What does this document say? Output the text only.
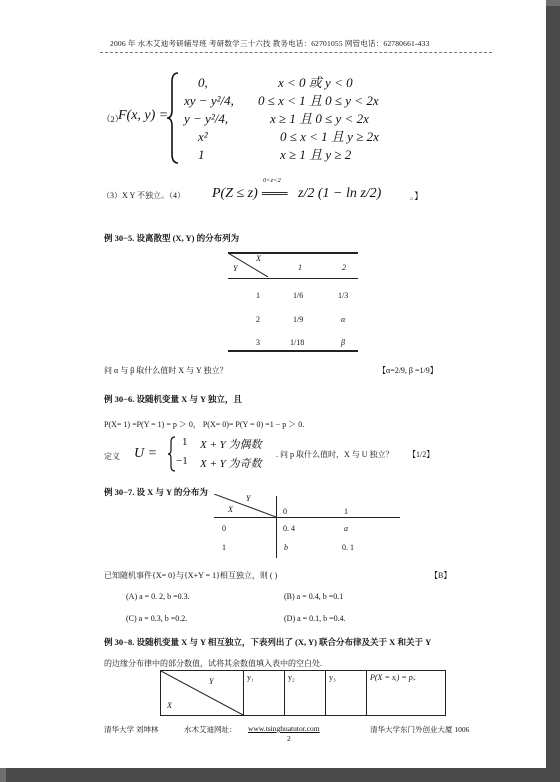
2006 年 水木艾迪考研辅导班 考研数学三十六技 教务电话：62701055 网管电话：62780661-433
（2）
F(x, y) =
0,
xy − y²/4,
y − y²/4,
x²
1
x < 0 或 y < 0
0 ≤ x < 1 且 0 ≤ y < 2x
x ≥ 1 且 0 ≤ y < 2x
0 ≤ x < 1 且 y ≥ 2x
x ≥ 1 且 y ≥ 2
（3）X Y 不独立。（4） P(Z ≤ z)
0<z<2
═══ z/2 (1 − ln z/2)	。】
例 30−5. 设离散型 (X, Y) 的分布列为
X
Y	1	2
1	1/6	1/3
2	1/9	α
3	1/18	β
问 α 与 β 取什么值时 X 与 Y 独立？	【α=2/9, β =1/9】
例 30−6. 设随机变量 X 与 Y 独立，且
P(X= 1) =P(Y = 1) = p ＞ 0， P(X= 0)= P(Y = 0) =1 − p ＞ 0.
定义 U =
1 X + Y 为偶数
−1 X + Y 为奇数
. 问 p 取什么值时，X 与 U 独立？ 【1/2】
例 30−7. 设 X 与 Y 的分布为
Y
X	0	1
0	0. 4	a
1	b	0. 1
已知随机事件{X= 0}与{X+Y = 1}相互独立，则 ( )	【B】
(A) a = 0. 2, b =0.3.	(B) a = 0.4, b =0.1
(C) a = 0.3, b =0.2.	(D) a = 0.1, b =0.4.
例 30−8. 设随机变量 X 与 Y 相互独立，下表列出了 (X, Y) 联合分布律及关于 X 和关于 Y
的边缘分布律中的部分数值，试将其余数值填入表中的空白处.
Y
X
	y₁	y₂	y₃	P(X = xᵢ) = pᵢ.
清华大学 刘坤林	水木艾迪网址： www.tsinghuatutor.com	清华大学东门外创业大厦 1006
2
